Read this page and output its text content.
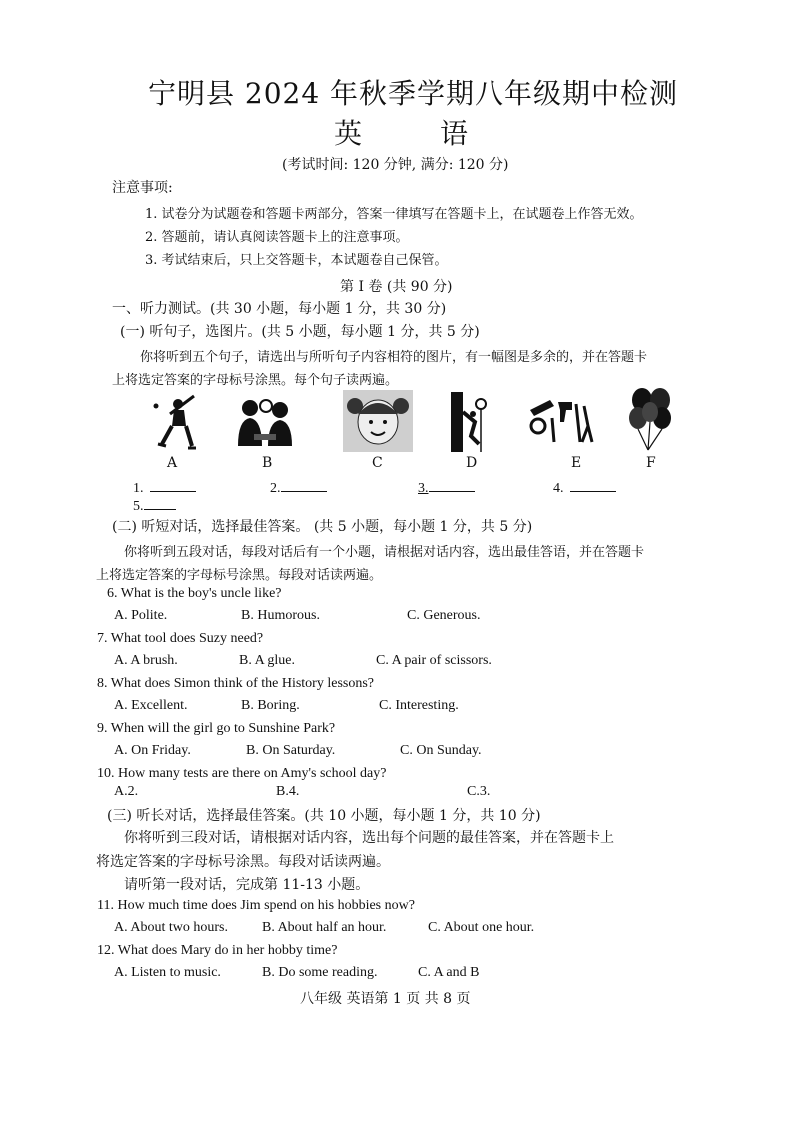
宁明县 2024 年秋季学期八年级期中检测
英	语
(考试时间: 120 分钟, 满分: 120 分)
注意事项:
1. 试卷分为试题卷和答题卡两部分，答案一律填写在答题卡上，在试题卷上作答无效。
2. 答题前，请认真阅读答题卡上的注意事项。
3. 考试结束后，只上交答题卡，本试题卷自己保管。
第 I 卷 (共 90 分)
一、听力测试。(共 30 小题，每小题 1 分，共 30 分)
(一) 听句子，选图片。(共 5 小题，每小题 1 分，共 5 分)
你将听到五个句子，请选出与所听句子内容相符的图片，有一幅图是多余的，并在答题卡
上将选定答案的字母标号涂黑。每个句子读两遍。
A	B	C	D	E	F
1.	2.	3.	4.
5.
(二) 听短对话，选择最佳答案。 (共 5 小题，每小题 1 分，共 5 分)
你将听到五段对话，每段对话后有一个小题，请根据对话内容，选出最佳答语，并在答题卡
上将选定答案的字母标号涂黑。每段对话读两遍。
6. What is the boy's uncle like?
A. Polite.	B. Humorous.	C. Generous.
7. What tool does Suzy need?
A. A brush.	B. A glue.	C. A pair of scissors.
8. What does Simon think of the History lessons?
A. Excellent.	B. Boring.	C. Interesting.
9. When will the girl go to Sunshine Park?
A. On Friday.	B. On Saturday.	C. On Sunday.
10. How many tests are there on Amy's school day?
A.2.	B.4.	C.3.
(三) 听长对话，选择最佳答案。(共 10 小题，每小题 1 分，共 10 分)
你将听到三段对话，请根据对话内容，选出每个问题的最佳答案，并在答题卡上
将选定答案的字母标号涂黑。每段对话读两遍。
请听第一段对话，完成第 11-13 小题。
11. How much time does Jim spend on his hobbies now?
A. About two hours. B. About half an hour.	C. About one hour.
12. What does Mary do in her hobby time?
A. Listen to music.	B. Do some reading.	C. A and B
八年级 英语第 1 页 共 8 页
